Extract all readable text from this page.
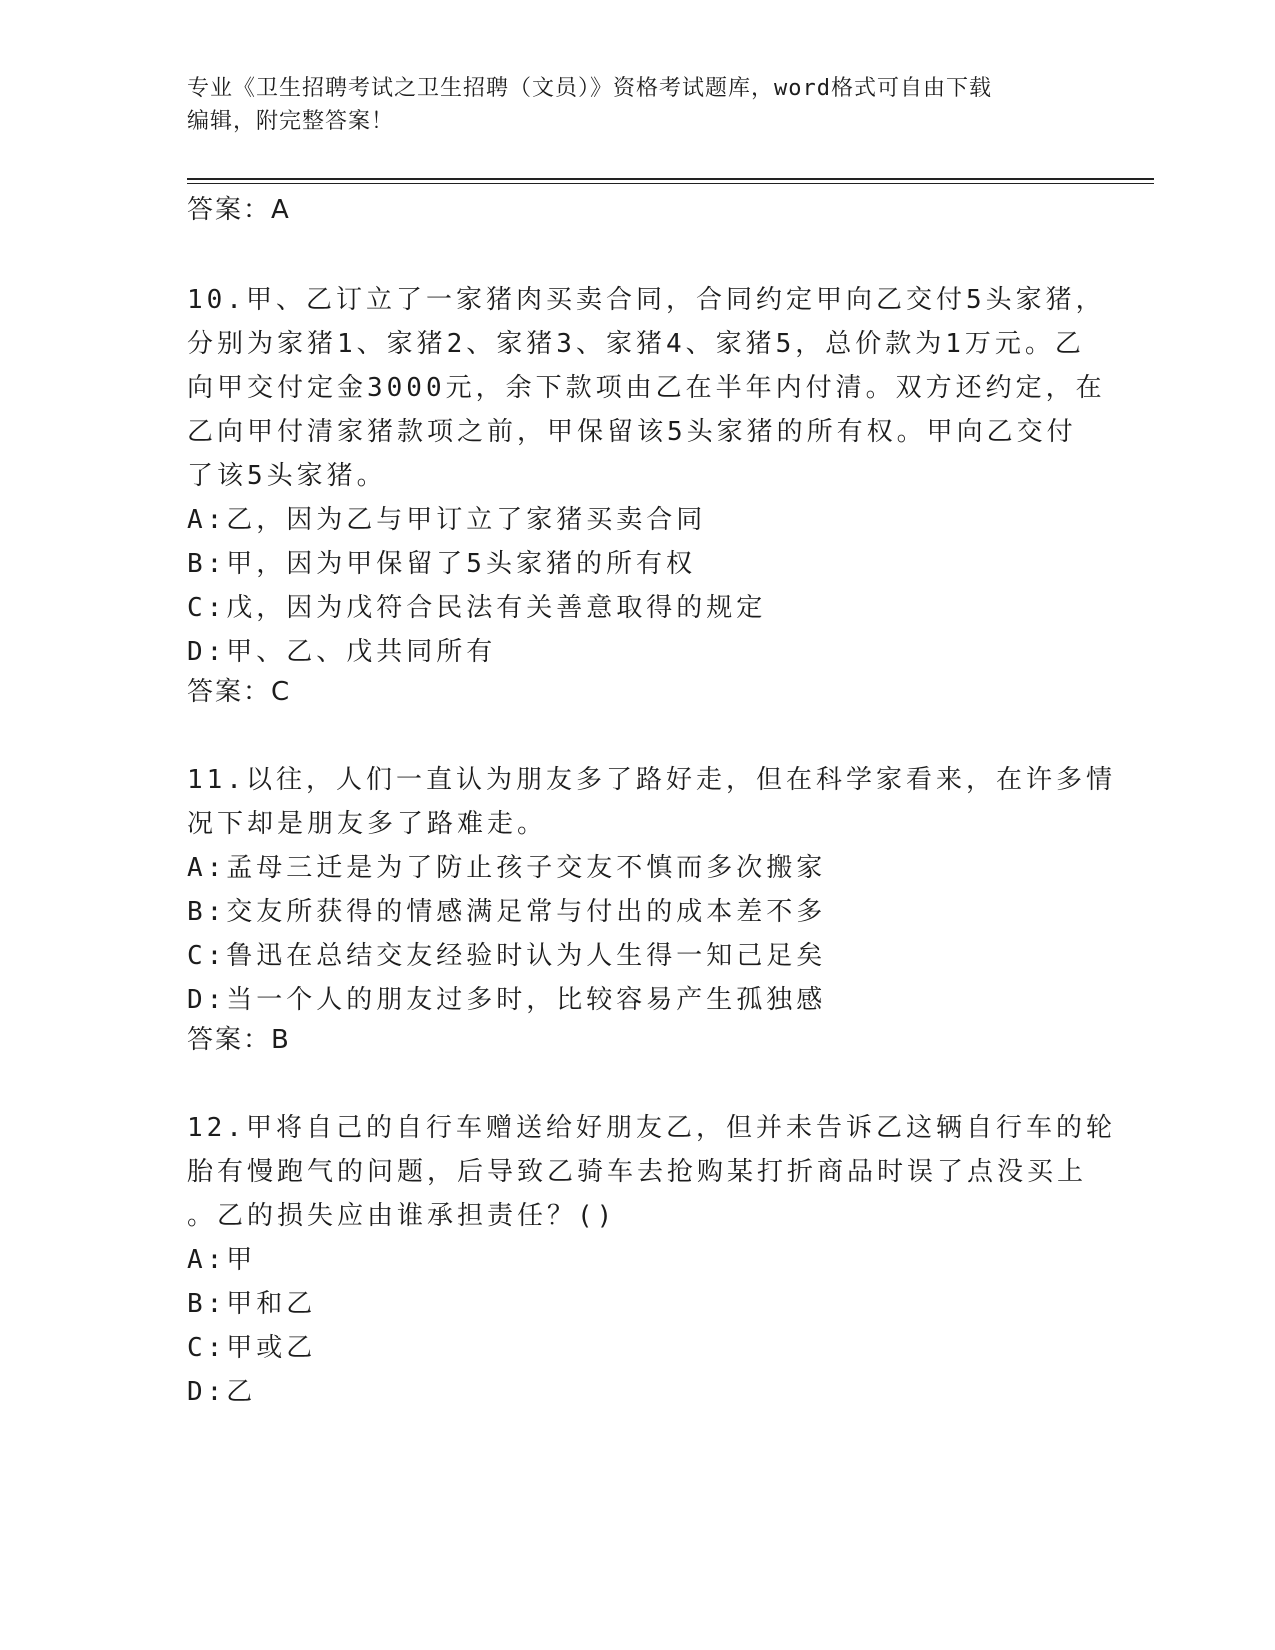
专业《卫生招聘考试之卫生招聘（文员）》资格考试题库，word格式可自由下载
编辑，附完整答案！
答案：A
10.甲、乙订立了一家猪肉买卖合同，合同约定甲向乙交付5头家猪，
分别为家猪1、家猪2、家猪3、家猪4、家猪5，总价款为1万元。乙
向甲交付定金3000元，余下款项由乙在半年内付清。双方还约定，在
乙向甲付清家猪款项之前，甲保留该5头家猪的所有权。甲向乙交付
了该5头家猪。
A:乙，因为乙与甲订立了家猪买卖合同
B:甲，因为甲保留了5头家猪的所有权
C:戊，因为戊符合民法有关善意取得的规定
D:甲、乙、戊共同所有
答案：C
11.以往，人们一直认为朋友多了路好走，但在科学家看来，在许多情
况下却是朋友多了路难走。
A:孟母三迁是为了防止孩子交友不慎而多次搬家
B:交友所获得的情感满足常与付出的成本差不多
C:鲁迅在总结交友经验时认为人生得一知己足矣
D:当一个人的朋友过多时，比较容易产生孤独感
答案：B
12.甲将自己的自行车赠送给好朋友乙，但并未告诉乙这辆自行车的轮
胎有慢跑气的问题，后导致乙骑车去抢购某打折商品时误了点没买上
。乙的损失应由谁承担责任？()
A:甲
B:甲和乙
C:甲或乙
D:乙
